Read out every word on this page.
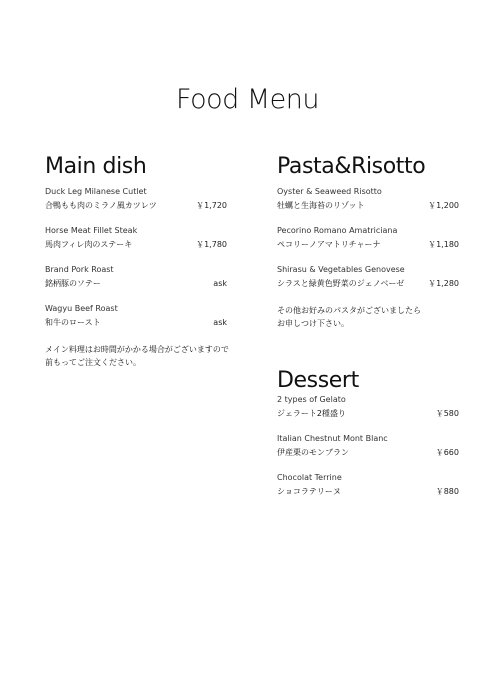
Food Menu
Main dish
Duck Leg Milanese Cutlet
合鴨もも肉のミラノ風カツレツ	￥1,720
Horse Meat Fillet Steak
馬肉フィレ肉のステーキ	￥1,780
Brand Pork Roast
銘柄豚のソテー	ask
Wagyu Beef Roast
和牛のロースト	ask
メイン料理はお時間がかかる場合がございますので
前もってご注文ください。
Pasta&Risotto
Oyster & Seaweed Risotto
牡蠣と生海苔のリゾット	￥1,200
Pecorino Romano Amatriciana
ペコリーノアマトリチャーナ	￥1,180
Shirasu & Vegetables Genovese
シラスと緑黄色野菜のジェノベーゼ	￥1,280
その他お好みのパスタがございましたら
お申しつけ下さい。
Dessert
2 types of Gelato
ジェラート2種盛り	￥580
Italian Chestnut Mont Blanc
伊産栗のモンブラン	￥660
Chocolat Terrine
ショコラテリーヌ	￥880
